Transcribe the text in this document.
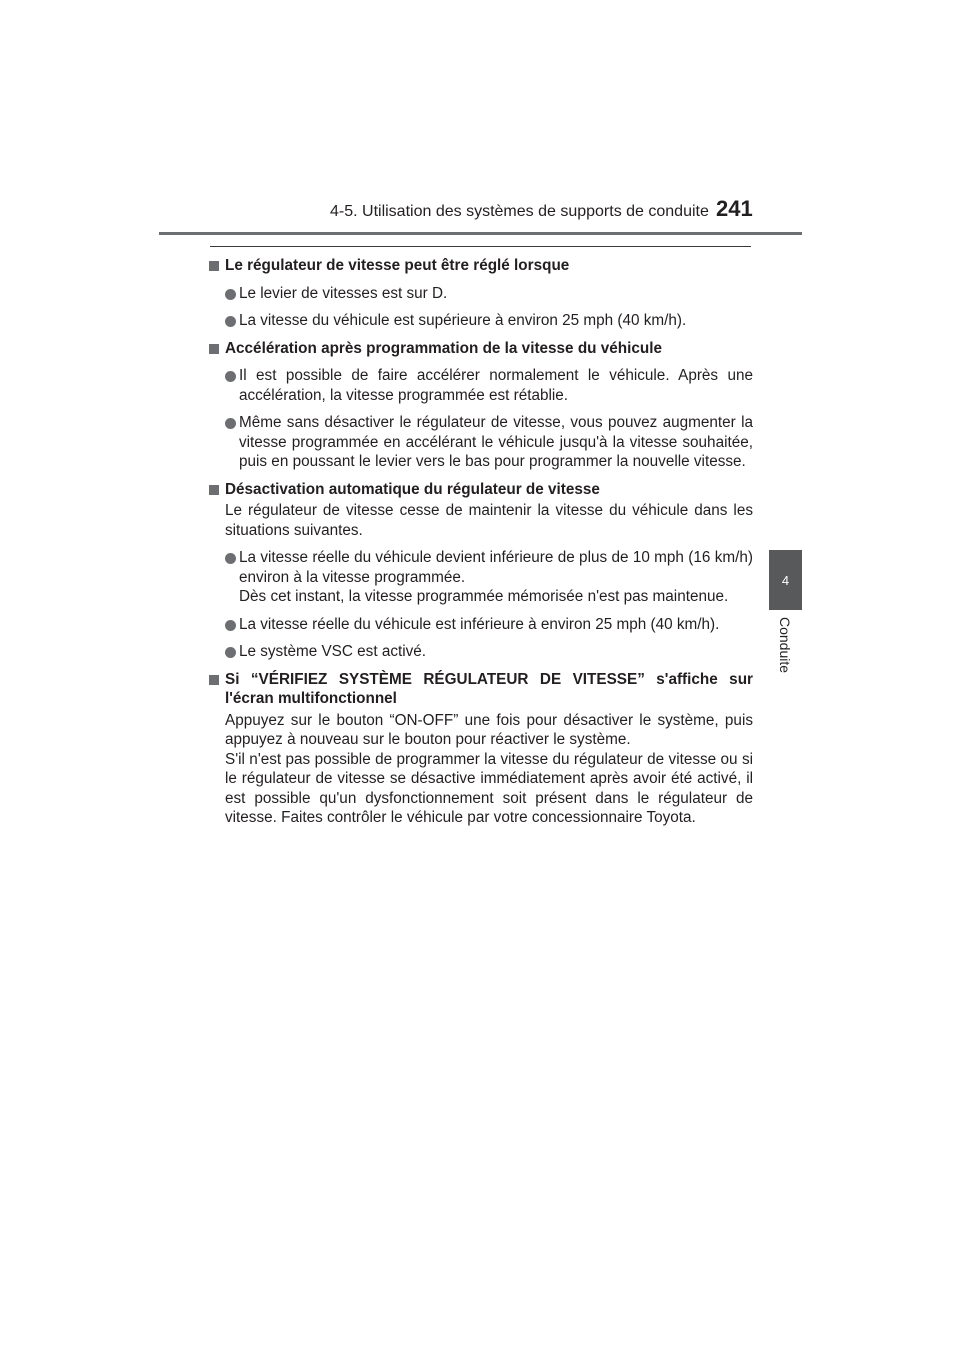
4-5. Utilisation des systèmes de supports de conduite 241
4
Conduite
Le régulateur de vitesse peut être réglé lorsque
Le levier de vitesses est sur D.
La vitesse du véhicule est supérieure à environ 25 mph (40 km/h).
Accélération après programmation de la vitesse du véhicule
Il est possible de faire accélérer normalement le véhicule. Après une accélération, la vitesse programmée est rétablie.
Même sans désactiver le régulateur de vitesse, vous pouvez augmenter la vitesse programmée en accélérant le véhicule jusqu'à la vitesse souhaitée, puis en poussant le levier vers le bas pour programmer la nouvelle vitesse.
Désactivation automatique du régulateur de vitesse
Le régulateur de vitesse cesse de maintenir la vitesse du véhicule dans les situations suivantes.
La vitesse réelle du véhicule devient inférieure de plus de 10 mph (16 km/h) environ à la vitesse programmée.
Dès cet instant, la vitesse programmée mémorisée n'est pas maintenue.
La vitesse réelle du véhicule est inférieure à environ 25 mph (40 km/h).
Le système VSC est activé.
Si “VÉRIFIEZ SYSTÈME RÉGULATEUR DE VITESSE” s'affiche sur l'écran multifonctionnel
Appuyez sur le bouton “ON-OFF” une fois pour désactiver le système, puis appuyez à nouveau sur le bouton pour réactiver le système.
S'il n'est pas possible de programmer la vitesse du régulateur de vitesse ou si le régulateur de vitesse se désactive immédiatement après avoir été activé, il est possible qu'un dysfonctionnement soit présent dans le régulateur de vitesse. Faites contrôler le véhicule par votre concessionnaire Toyota.
